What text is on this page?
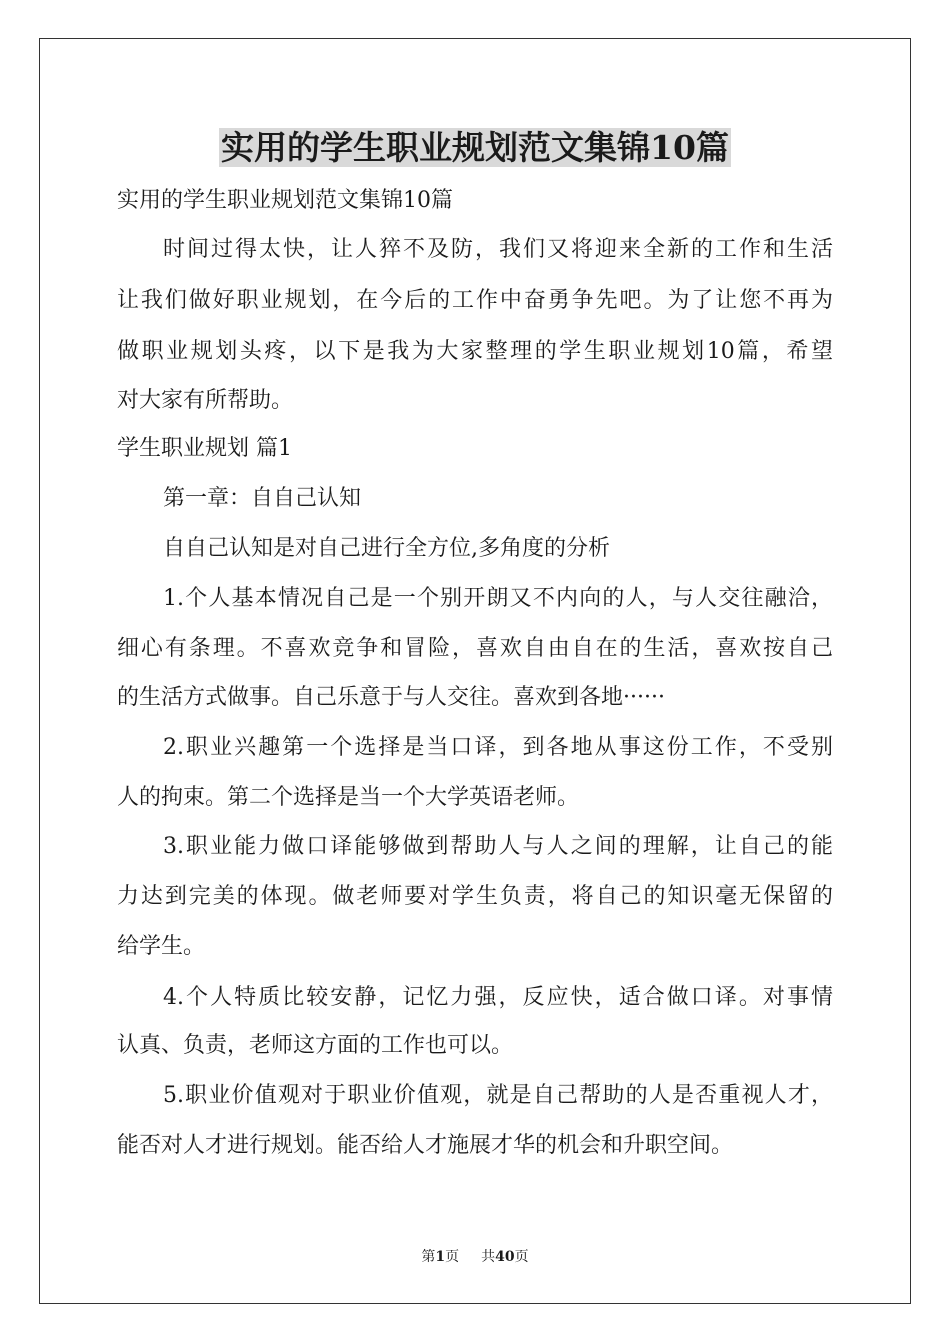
实用的学生职业规划范文集锦10篇
实用的学生职业规划范文集锦10篇
时间过得太快，让人猝不及防，我们又将迎来全新的工作和生活
让我们做好职业规划，在今后的工作中奋勇争先吧。为了让您不再为
做职业规划头疼，以下是我为大家整理的学生职业规划10篇，希望
对大家有所帮助。
学生职业规划 篇1
第一章：自自己认知
自自己认知是对自己进行全方位,多角度的分析
1.个人基本情况自己是一个别开朗又不内向的人，与人交往融洽，
细心有条理。不喜欢竞争和冒险，喜欢自由自在的生活，喜欢按自己
的生活方式做事。自己乐意于与人交往。喜欢到各地······
2.职业兴趣第一个选择是当口译，到各地从事这份工作，不受别
人的拘束。第二个选择是当一个大学英语老师。
3.职业能力做口译能够做到帮助人与人之间的理解，让自己的能
力达到完美的体现。做老师要对学生负责，将自己的知识毫无保留的
给学生。
4.个人特质比较安静，记忆力强，反应快，适合做口译。对事情
认真、负责，老师这方面的工作也可以。
5.职业价值观对于职业价值观，就是自己帮助的人是否重视人才，
能否对人才进行规划。能否给人才施展才华的机会和升职空间。
第1页 共40页
